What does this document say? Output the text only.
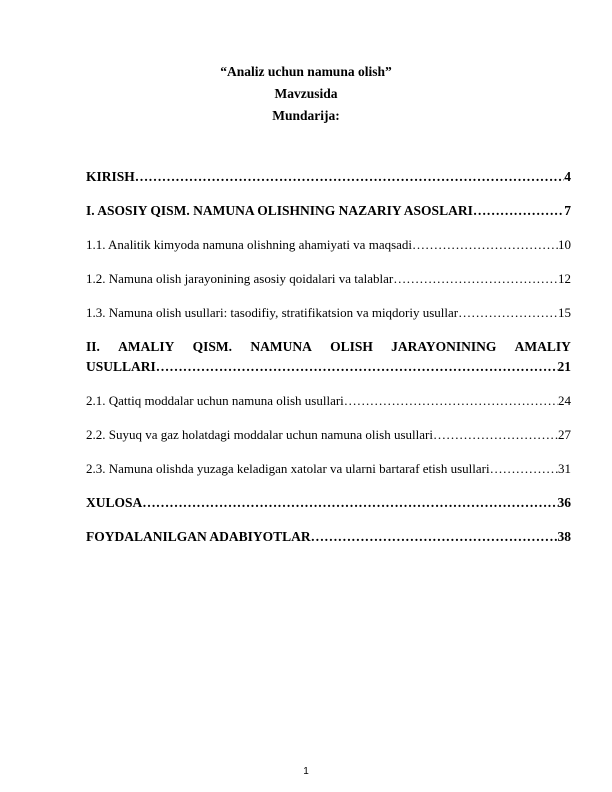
“Analiz uchun namuna olish”
Mavzusida
Mundarija:
KIRISH …………………………………………………………………………………………………………………………………………………………………………………………………………	4
I. ASOSIY QISM. NAMUNA OLISHNING NAZARIY ASOSLARI …………………………………………………………………………………………………………………………………………………………………………………………………………	7
1.1. Analitik kimyoda namuna olishning ahamiyati va maqsadi …………………………………………………………………………………………………………………………………………………………………………………………………………	10
1.2. Namuna olish jarayonining asosiy qoidalari va talablar …………………………………………………………………………………………………………………………………………………………………………………………………………	12
1.3. Namuna olish usullari: tasodifiy, stratifikatsion va miqdoriy usullar …………………………………………………………………………………………………………………………………………………………………………………………………………	15
II. AMALIY QISM. NAMUNA OLISH JARAYONINING AMALIY
USULLARI …………………………………………………………………………………………………………………………………………………………………………………………………………	21
2.1. Qattiq moddalar uchun namuna olish usullari …………………………………………………………………………………………………………………………………………………………………………………………………………	24
2.2. Suyuq va gaz holatdagi moddalar uchun namuna olish usullari …………………………………………………………………………………………………………………………………………………………………………………………………………	27
2.3. Namuna olishda yuzaga keladigan xatolar va ularni bartaraf etish usullari …………………………………………………………………………………………………………………………………………………………………………………………………………	31
XULOSA …………………………………………………………………………………………………………………………………………………………………………………………………………	36
FOYDALANILGAN ADABIYOTLAR …………………………………………………………………………………………………………………………………………………………………………………………………………	38
1
